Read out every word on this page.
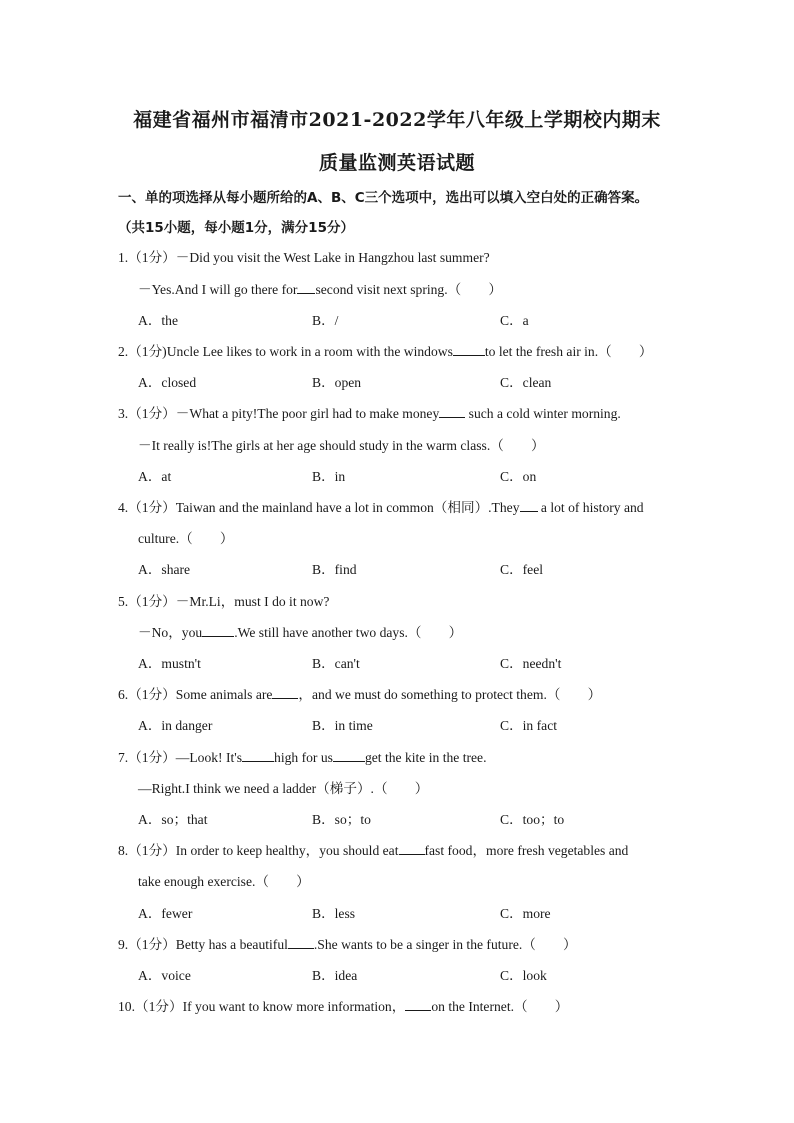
福建省福州市福清市2021-2022学年八年级上学期校内期末
质量监测英语试题
一、单的项选择从每小题所给的A、B、C三个选项中，选出可以填入空白处的正确答案。
（共15小题，每小题1分，满分15分）
1.（1分）－Did you visit the West Lake in Hangzhou last summer?
－Yes.And I will go there for second visit next spring.（　　）
A．the	B．/	C．a
2.（1分)Uncle Lee likes to work in a room with the windows to let the fresh air in.（　　）
A．closed	B．open	C．clean
3.（1分）－What a pity!The poor girl had to make money such a cold winter morning.
－It really is!The girls at her age should study in the warm class.（　　）
A．at	B．in	C．on
4.（1分）Taiwan and the mainland have a lot in common（相同）.They a lot of history and
culture.（　　）
A．share	B．find	C．feel
5.（1分）－Mr.Li，must I do it now?
－No，you .We still have another two days.（　　）
A．mustn't	B．can't	C．needn't
6.（1分）Some animals are ，and we must do something to protect them.（　　）
A．in danger	B．in time	C．in fact
7.（1分）—Look! It's high for us get the kite in the tree.
—Right.I think we need a ladder（梯子）.（　　）
A．so；that	B．so；to	C．too；to
8.（1分）In order to keep healthy，you should eat fast food，more fresh vegetables and
take enough exercise.（　　）
A．fewer	B．less	C．more
9.（1分）Betty has a beautiful .She wants to be a singer in the future.（　　）
A．voice	B．idea	C．look
10.（1分）If you want to know more information， on the Internet.（　　）
